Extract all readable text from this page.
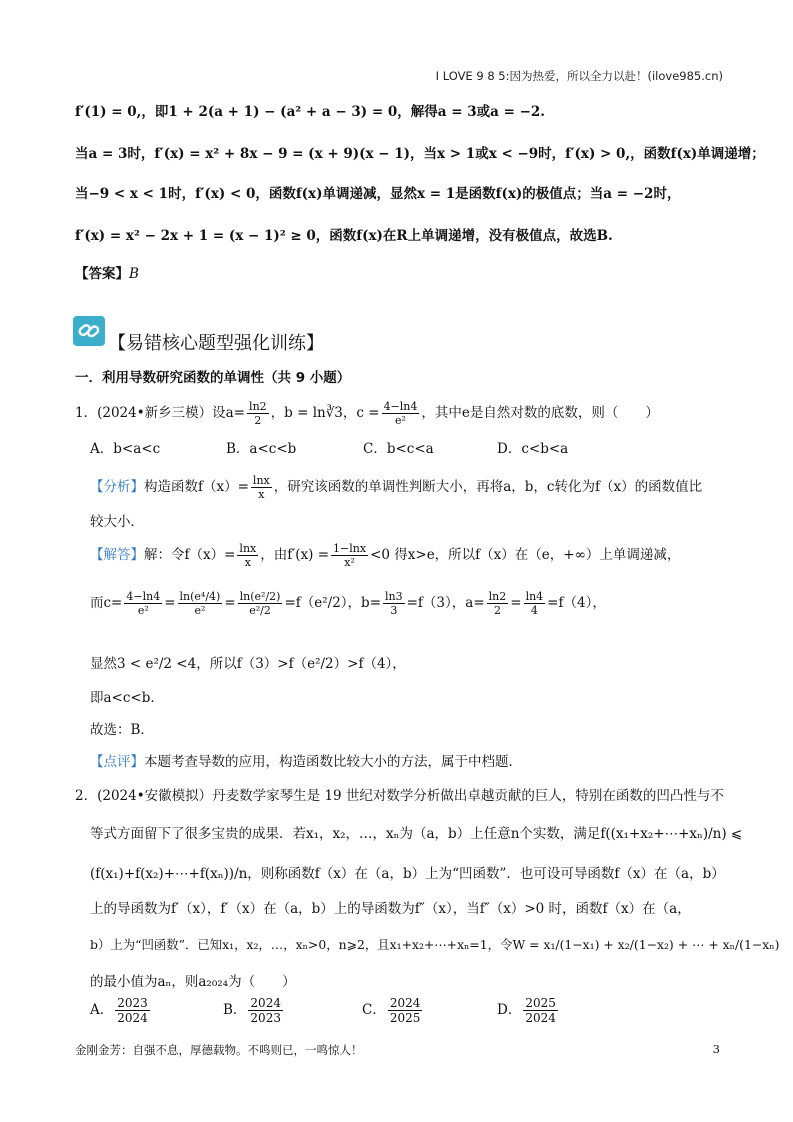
I LOVE 9 8 5:因为热爱，所以全力以赴！(ilove985.cn)
f′(1) = 0,，即1 + 2(a + 1) − (a² + a − 3) = 0，解得a = 3或a = −2.
当a = 3时，f′(x) = x² + 8x − 9 = (x + 9)(x − 1)，当x > 1或x < −9时，f′(x) > 0,，函数f(x)单调递增；
当−9 < x < 1时，f′(x) < 0，函数f(x)单调递减，显然x = 1是函数f(x)的极值点；当a = −2时，
f′(x) = x² − 2x + 1 = (x − 1)² ≥ 0，函数f(x)在R上单调递增，没有极值点，故选B.
【答案】B
【易错核心题型强化训练】
一．利用导数研究函数的单调性（共 9 小题）
1．(2024•新乡三模）设$a= \frac{\ln 2}{2}$ ，b = ln∛3，$c = \frac{4-\ln 4}{\text{e²}}$ ，其中e是自然对数的底数，则（　　）
A．b<a<c	B．a<c<b	C．b<c<a	D．c<b<a
【分析】构造函数$f(x)= \frac{\ln x}{x}$ ，研究该函数的单调性判断大小，再将a，b，c转化为f（x）的函数值比
较大小．
【解答】解：令$f(x)= \frac{\ln x}{x}$ ，由$f'(x) = \frac{1-\ln x}{\text{x²}} <0$ 得x>e，所以f（x）在（e，+∞）上单调递减，
而$c= \frac{4-\ln 4}{\text{e²}} = \frac{\text{ln(e⁴/4)}}{\text{e²}} = \frac{\text{ln(e²/2)}}{\text{e²/2}} =f(e^2/2)$，$b= \frac{\ln 3}{3} =f(3)$，$a= \frac{\ln 2}{2} = \frac{\ln 4}{4} =f(4)$，
显然3 < e²/2 <4，所以f（3）>f（e²/2）>f（4），
即a<c<b．
故选：B．
【点评】本题考查导数的应用，构造函数比较大小的方法，属于中档题．
2．(2024•安徽模拟）丹麦数学家琴生是 19 世纪对数学分析做出卓越贡献的巨人，特别在函数的凹凸性与不
等式方面留下了很多宝贵的成果．若x₁，x₂，…，xₙ为（a，b）上任意n个实数，满足f((x₁+x₂+⋯+xₙ)/n) ⩽
(f(x₁)+f(x₂)+⋯+f(xₙ))/n，则称函数f（x）在（a，b）上为“凹函数”．也可设可导函数f（x）在（a，b）
上的导函数为f′（x），f′（x）在（a，b）上的导函数为f″（x），当f″（x）>0 时，函数f（x）在（a，
b）上为“凹函数”．已知x₁，x₂，…，xₙ>0，n⩾2，且x₁+x₂+⋯+xₙ=1，令W = x₁/(1−x₁) + x₂/(1−x₂) + ⋯ + xₙ/(1−xₙ)
的最小值为aₙ，则a₂₀₂₄为（　　）
A． $\frac{2023}{2024}$	B． $\frac{2024}{2023}$	C． $\frac{2024}{2025}$	D． $\frac{2025}{2024}$
金刚金芳：自强不息，厚德载物。不鸣则已，一鸣惊人！	3
